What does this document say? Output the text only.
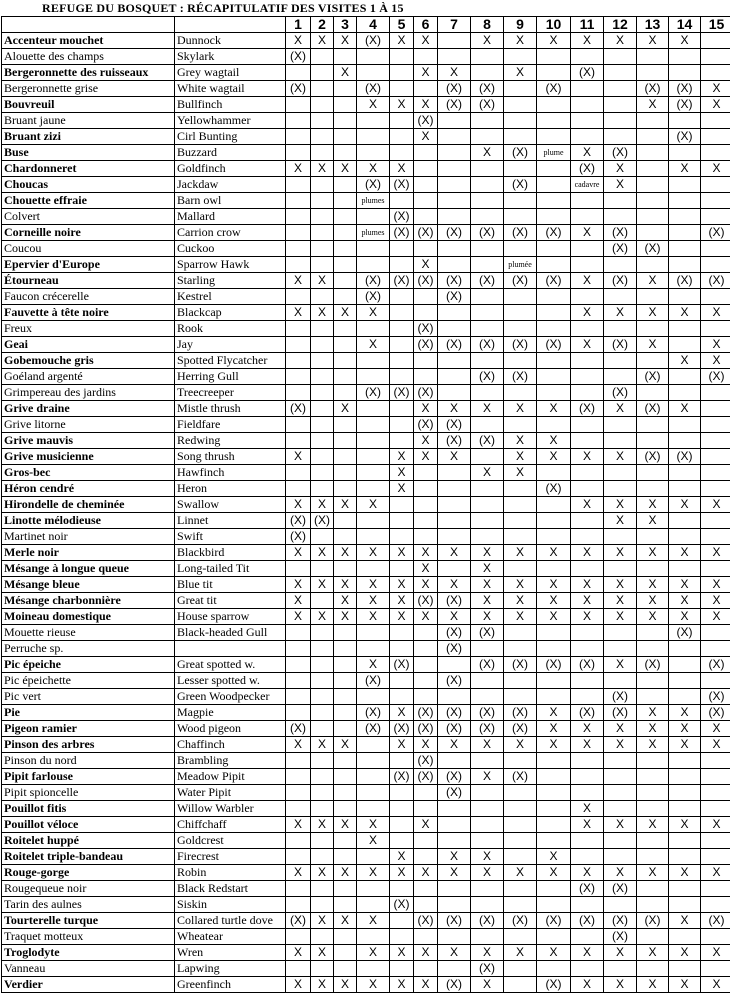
REFUGE DU BOSQUET : RÉCAPITULATIF DES VISITES 1 À 15
		1	2	3	4	5	6	7	8	9	10	11	12	13	14	15
Accenteur mouchet	Dunnock	X	X	X	(X)	X	X		X	X	X	X	X	X	X	
Alouette des champs	Skylark	(X)														
Bergeronnette des ruisseaux	Grey wagtail			X			X	X		X		(X)				
Bergeronnette grise	White wagtail	(X)			(X)			(X)	(X)		(X)			(X)	(X)	X
Bouvreuil	Bullfinch				X	X	X	(X)	(X)					X	(X)	X
Bruant jaune	Yellowhammer						(X)									
Bruant zizi	Cirl Bunting						X								(X)	
Buse	Buzzard								X	(X)	plume	X	(X)			
Chardonneret	Goldfinch	X	X	X	X	X						(X)	X		X	X
Choucas	Jackdaw				(X)	(X)				(X)		cadavre	X			
Chouette effraie	Barn owl				plumes											
Colvert	Mallard					(X)										
Corneille noire	Carrion crow				plumes	(X)	(X)	(X)	(X)	(X)	(X)	X	(X)			(X)
Coucou	Cuckoo												(X)	(X)		
Epervier d'Europe	Sparrow Hawk						X			plumée						
Étourneau	Starling	X	X		(X)	(X)	(X)	(X)	(X)	(X)	(X)	X	(X)	X	(X)	(X)
Faucon crécerelle	Kestrel				(X)			(X)								
Fauvette à tête noire	Blackcap	X	X	X	X							X	X	X	X	X
Freux	Rook						(X)									
Geai	Jay				X		(X)	(X)	(X)	(X)	(X)	X	(X)	X		X
Gobemouche gris	Spotted Flycatcher														X	X
Goéland argenté	Herring Gull								(X)	(X)				(X)		(X)
Grimpereau des jardins	Treecreeper				(X)	(X)	(X)						(X)			
Grive draine	Mistle thrush	(X)		X			X	X	X	X	X	(X)	X	(X)	X	
Grive litorne	Fieldfare						(X)	(X)								
Grive mauvis	Redwing						X	(X)	(X)	X	X					
Grive musicienne	Song thrush	X				X	X	X		X	X	X	X	(X)	(X)	
Gros-bec	Hawfinch					X			X	X						
Héron cendré	Heron					X					(X)					
Hirondelle de cheminée	Swallow	X	X	X	X							X	X	X	X	X
Linotte mélodieuse	Linnet	(X)	(X)										X	X		
Martinet noir	Swift	(X)														
Merle noir	Blackbird	X	X	X	X	X	X	X	X	X	X	X	X	X	X	X
Mésange à longue queue	Long-tailed Tit						X		X							
Mésange bleue	Blue tit	X	X	X	X	X	X	X	X	X	X	X	X	X	X	X
Mésange charbonnière	Great tit	X		X	X	X	(X)	(X)	X	X	X	X	X	X	X	X
Moineau domestique	House sparrow	X	X	X	X	X	X	X	X	X	X	X	X	X	X	X
Mouette rieuse	Black-headed Gull							(X)	(X)						(X)	
Perruche sp.								(X)								
Pic épeiche	Great spotted w.				X	(X)			(X)	(X)	(X)	(X)	X	(X)		(X)
Pic épeichette	Lesser spotted w.				(X)			(X)								
Pic vert	Green Woodpecker												(X)			(X)
Pie	Magpie				(X)	X	(X)	(X)	(X)	(X)	X	(X)	(X)	X	X	(X)
Pigeon ramier	Wood pigeon	(X)			(X)	(X)	(X)	(X)	(X)	(X)	X	X	X	X	X	X
Pinson des arbres	Chaffinch	X	X	X		X	X	X	X	X	X	X	X	X	X	X
Pinson du nord	Brambling						(X)									
Pipit farlouse	Meadow Pipit					(X)	(X)	(X)	X	(X)						
Pipit spioncelle	Water Pipit							(X)								
Pouillot fitis	Willow Warbler											X				
Pouillot véloce	Chiffchaff	X	X	X	X		X					X	X	X	X	X
Roitelet huppé	Goldcrest				X											
Roitelet triple-bandeau	Firecrest					X		X	X		X					
Rouge-gorge	Robin	X	X	X	X	X	X	X	X	X	X	X	X	X	X	X
Rougequeue noir	Black Redstart											(X)	(X)			
Tarin des aulnes	Siskin					(X)										
Tourterelle turque	Collared turtle dove	(X)	X	X	X		(X)	(X)	(X)	(X)	(X)	(X)	(X)	(X)	X	(X)
Traquet motteux	Wheatear												(X)			
Troglodyte	Wren	X	X		X	X	X	X	X	X	X	X	X	X	X	X
Vanneau	Lapwing								(X)							
Verdier	Greenfinch	X	X	X	X	X	X	(X)	X		(X)	X	X	X	X	X
